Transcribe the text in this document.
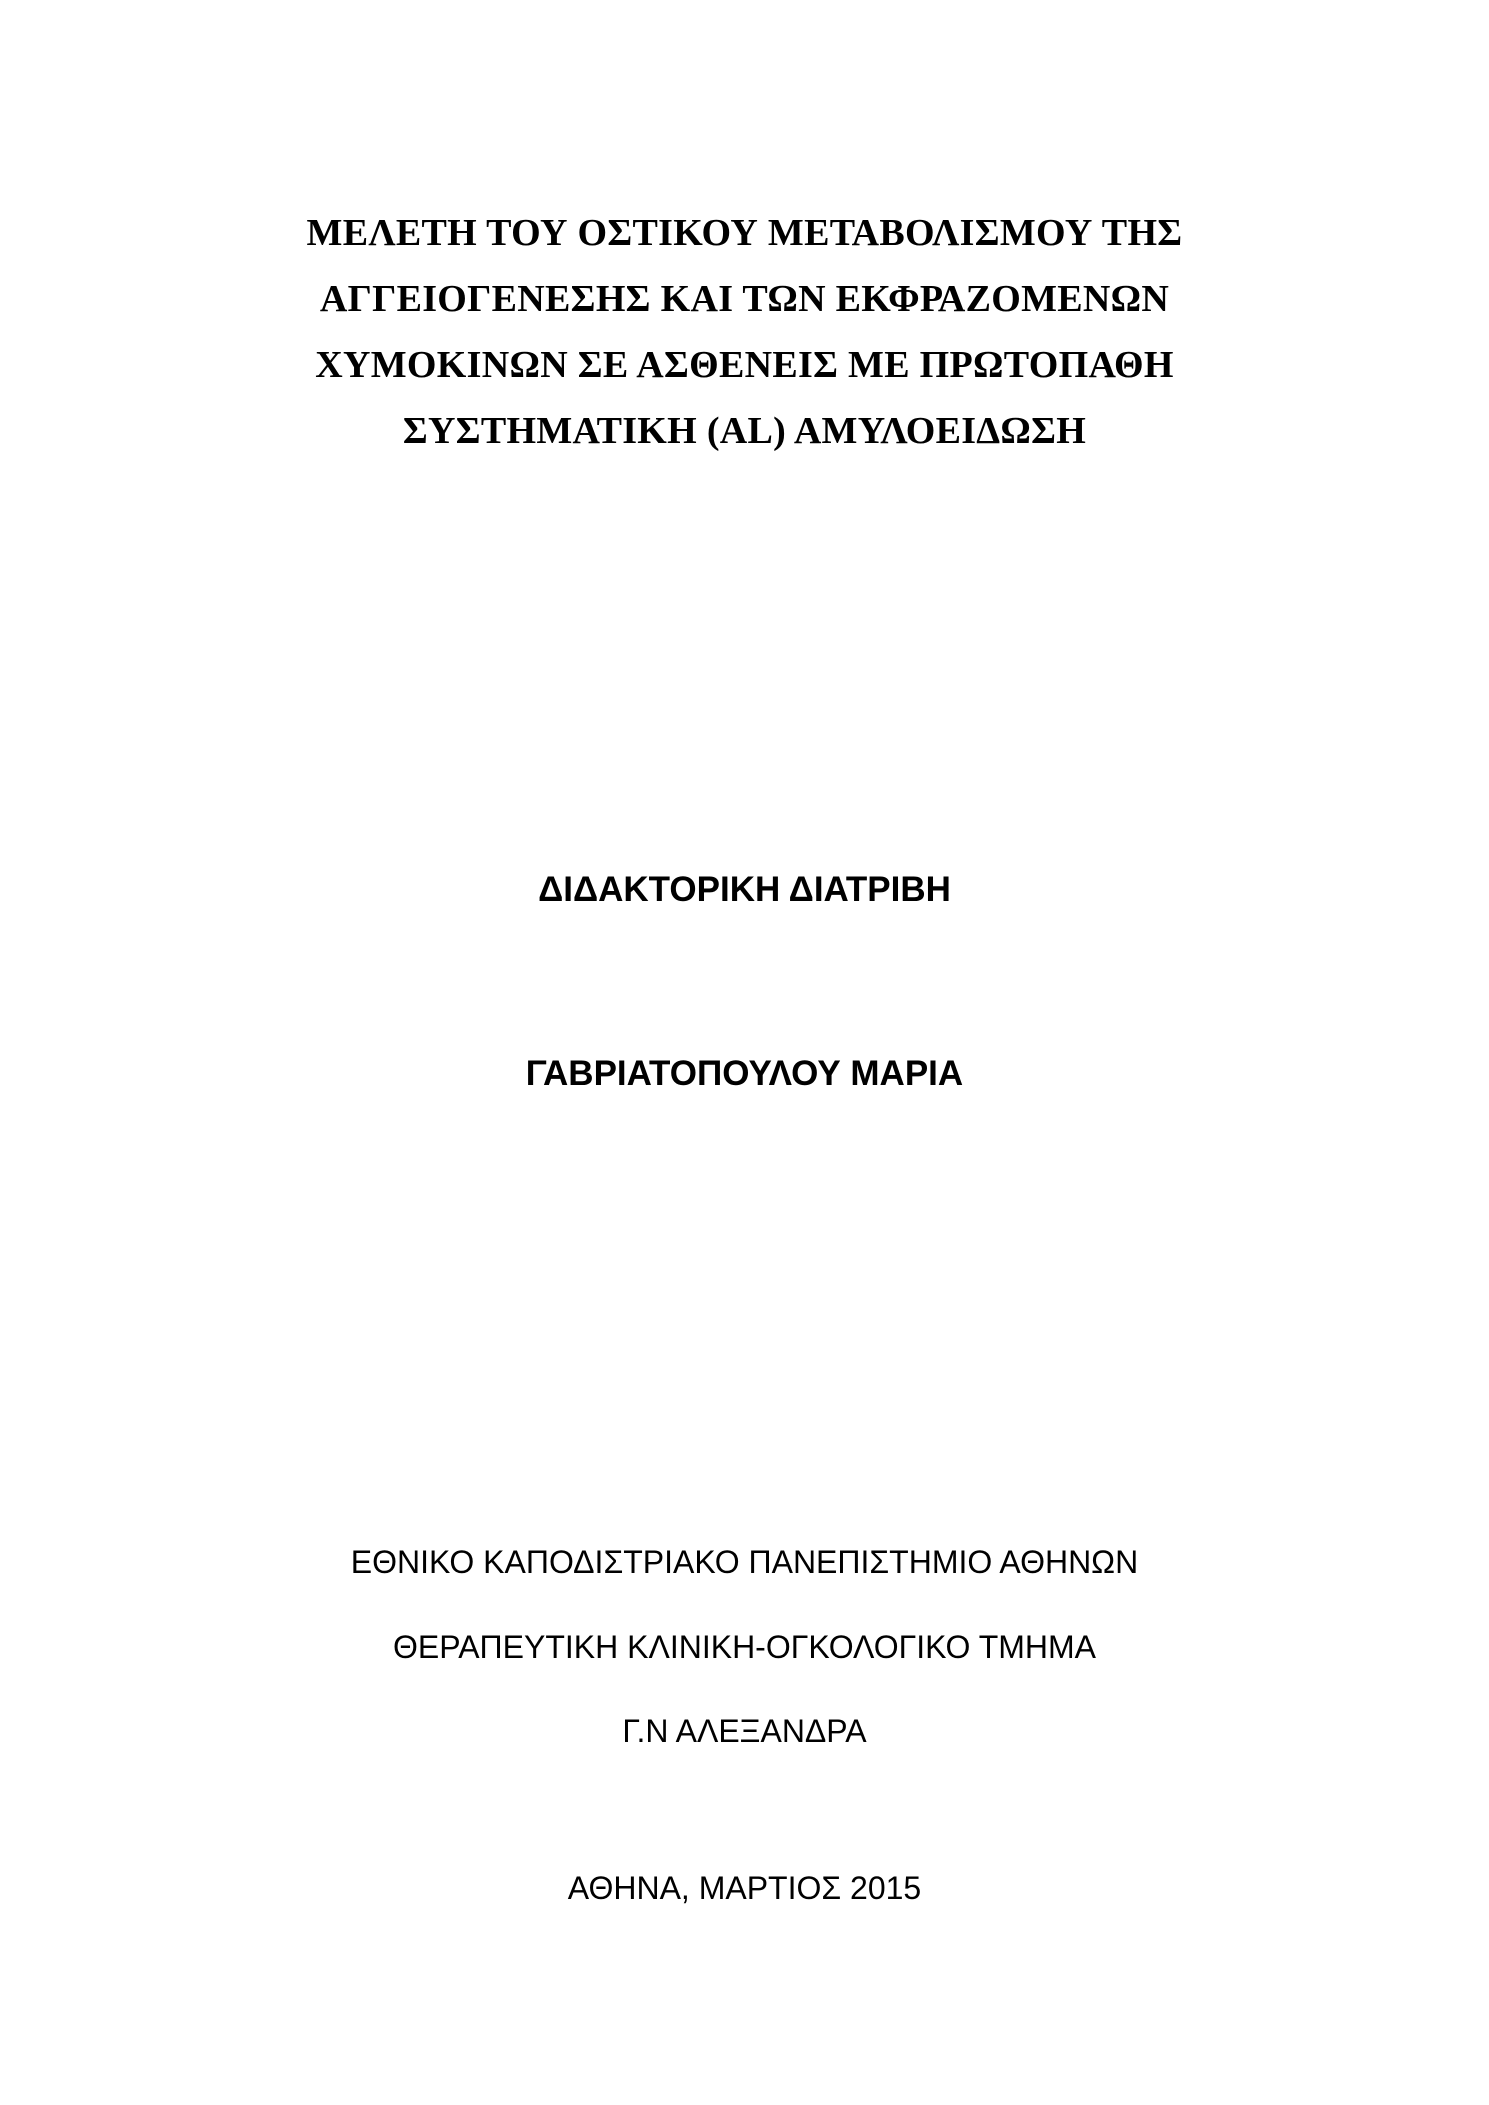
ΜΕΛΕΤΗ ΤΟΥ ΟΣΤΙΚΟΥ ΜΕΤΑΒΟΛΙΣΜΟΥ ΤΗΣ
ΑΓΓΕΙΟΓΕΝΕΣΗΣ ΚΑΙ ΤΩΝ ΕΚΦΡΑΖΟΜΕΝΩΝ
ΧΥΜΟΚΙΝΩΝ ΣΕ ΑΣΘΕΝΕΙΣ ΜΕ ΠΡΩΤΟΠΑΘΗ
ΣΥΣΤΗΜΑΤΙΚΗ (AL) ΑΜΥΛΟΕΙΔΩΣΗ
ΔΙΔΑΚΤΟΡΙΚΗ ΔΙΑΤΡΙΒΗ
ΓΑΒΡΙΑΤΟΠΟΥΛΟΥ ΜΑΡΙΑ
ΕΘΝΙΚΟ ΚΑΠΟΔΙΣΤΡΙΑΚΟ ΠΑΝΕΠΙΣΤΗΜΙΟ ΑΘΗΝΩΝ
ΘΕΡΑΠΕΥΤΙΚΗ ΚΛΙΝΙΚΗ-ΟΓΚΟΛΟΓΙΚΟ ΤΜΗΜΑ
Γ.Ν ΑΛΕΞΑΝΔΡΑ
ΑΘΗΝΑ, ΜΑΡΤΙΟΣ 2015
